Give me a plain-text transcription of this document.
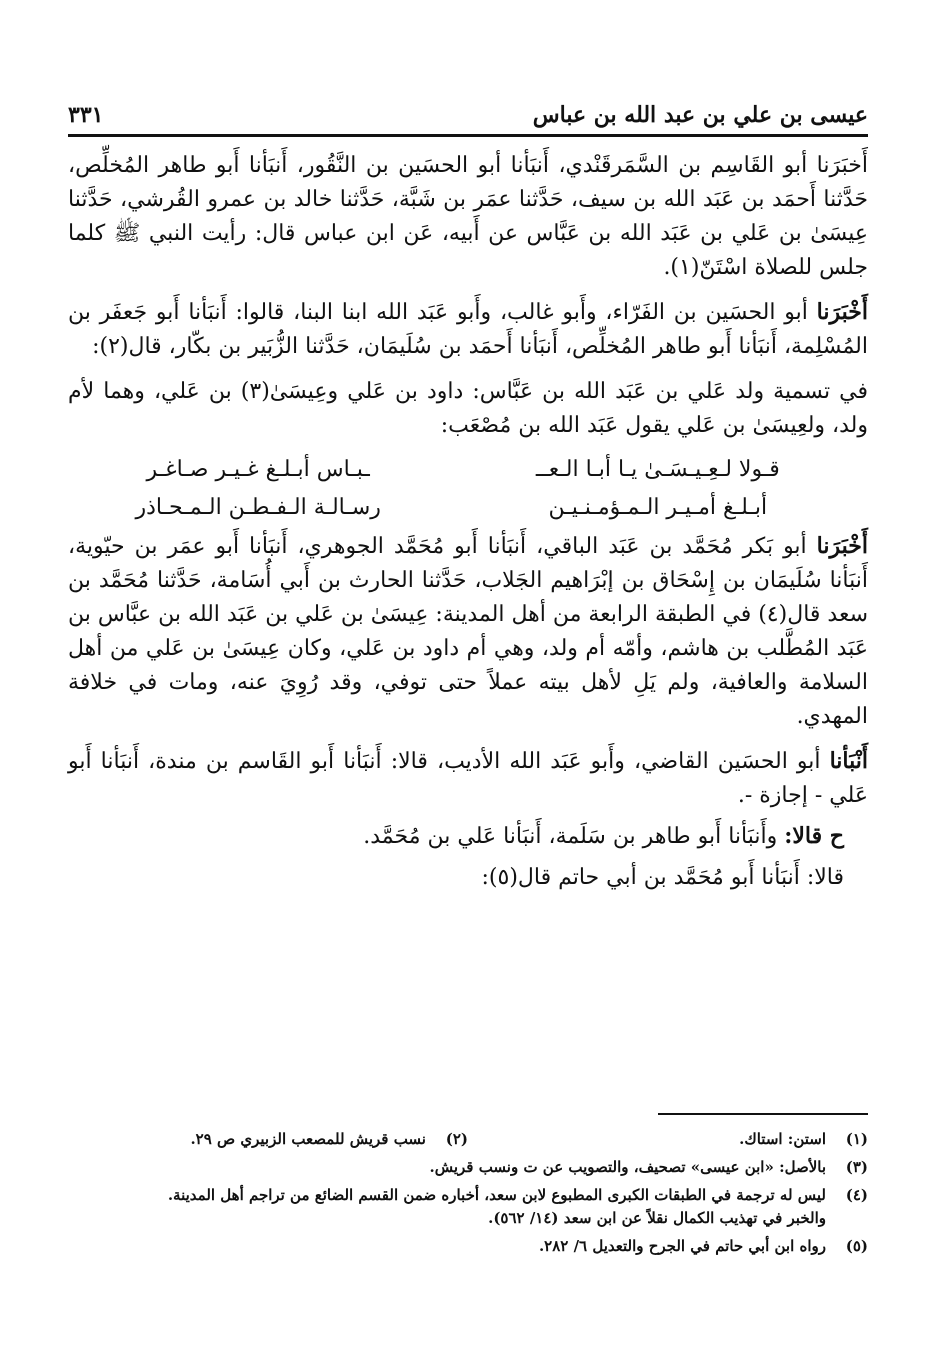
عيسى بن علي بن عبد الله بن عباس
٣٣١

أَخبَرَنا أبو القَاسِم بن السَّمَرقَنْدي، أَنبَأنا أبو الحسَين بن النَّقُور، أَنبَأنا أَبو طاهر المُخلِّص، حَدَّثنا أَحمَد بن عَبَد الله بن سيف، حَدَّثنا عمَر بن شَبَّة، حَدَّثنا خالد بن عمرو القُرشي، حَدَّثنا عِيسَىٰ بن عَلي بن عَبَد الله بن عَبَّاس عن أَبيه، عَن ابن عباس قال: رأيت النبي ﷺ كلما جلس للصلاة اسْتَنّ(١).

أَخْبَرَنا أبو الحسَين بن الفَرّاء، وأَبو غالب، وأَبو عَبَد الله ابنا البنا، قالوا: أَنبَأنا أَبو جَعفَر بن المُسْلِمة، أَنبَأنا أَبو طاهر المُخلِّص، أَنبَأنا أَحمَد بن سُلَيمَان، حَدَّثنا الزُّبَير بن بكّار، قال(٢):

في تسمية ولد عَلي بن عَبَد الله بن عَبَّاس: داود بن عَلي وعِيسَىٰ(٣) بن عَلي، وهما لأم ولد، ولعِيسَىٰ بن عَلي يقول عَبَد الله بن مُصْعَب:

قـولا لـعِـيـسَـىٰ يـا أبـا الـعــ
ـبـاس أبـلـغ غـيـر صـاغـر
أبـلـغ أمـيـر الـمـؤمـنـيـن
رسـالـة الـفـطـن الـمـحـاذر

أَخْبَرَنا أبو بَكر مُحَمَّد بن عَبَد الباقي، أَنبَأنا أَبو مُحَمَّد الجوهري، أَنبَأنا أَبو عمَر بن حيّوية، أَنبَأنا سُلَيمَان بن إِسْحَاق بن إبْرَاهيم الجَلاب، حَدَّثنا الحارث بن أَبي أُسَامة، حَدَّثنا مُحَمَّد بن سعد قال(٤) في الطبقة الرابعة من أهل المدينة: عِيسَىٰ بن عَلي بن عَبَد الله بن عبَّاس بن عَبَد المُطَّلب بن هاشم، وأمّه أم ولد، وهي أم داود بن عَلي، وكان عِيسَىٰ بن عَلي من أهل السلامة والعافية، ولم يَلِ لأهل بيته عملاً حتى توفي، وقد رُوِيَ عنه، ومات في خلافة المهدي.

أَنْبَأنا أبو الحسَين القاضي، وأَبو عَبَد الله الأديب، قالا: أَنبَأنا أَبو القَاسم بن مندة، أَنبَأنا أَبو عَلي - إجازة -.

ح قالا: وأَنبَأنا أَبو طاهر بن سَلَمة، أَنبَأنا عَلي بن مُحَمَّد.

قالا: أَنبَأنا أَبو مُحَمَّد بن أبي حاتم قال(٥):

(١)
استن: استاك.
(٢)
نسب قريش للمصعب الزبيري ص ٢٩.
(٣)
بالأصل: «ابن عيسى» تصحيف، والتصويب عن ت ونسب قريش.
(٤)
ليس له ترجمة في الطبقات الكبرى المطبوع لابن سعد، أخباره ضمن القسم الضائع من تراجم أهل المدينة.
والخبر في تهذيب الكمال نقلاً عن ابن سعد (١٤/ ٥٦٢).
(٥)
رواه ابن أبي حاتم في الجرح والتعديل ٦/ ٢٨٢.
